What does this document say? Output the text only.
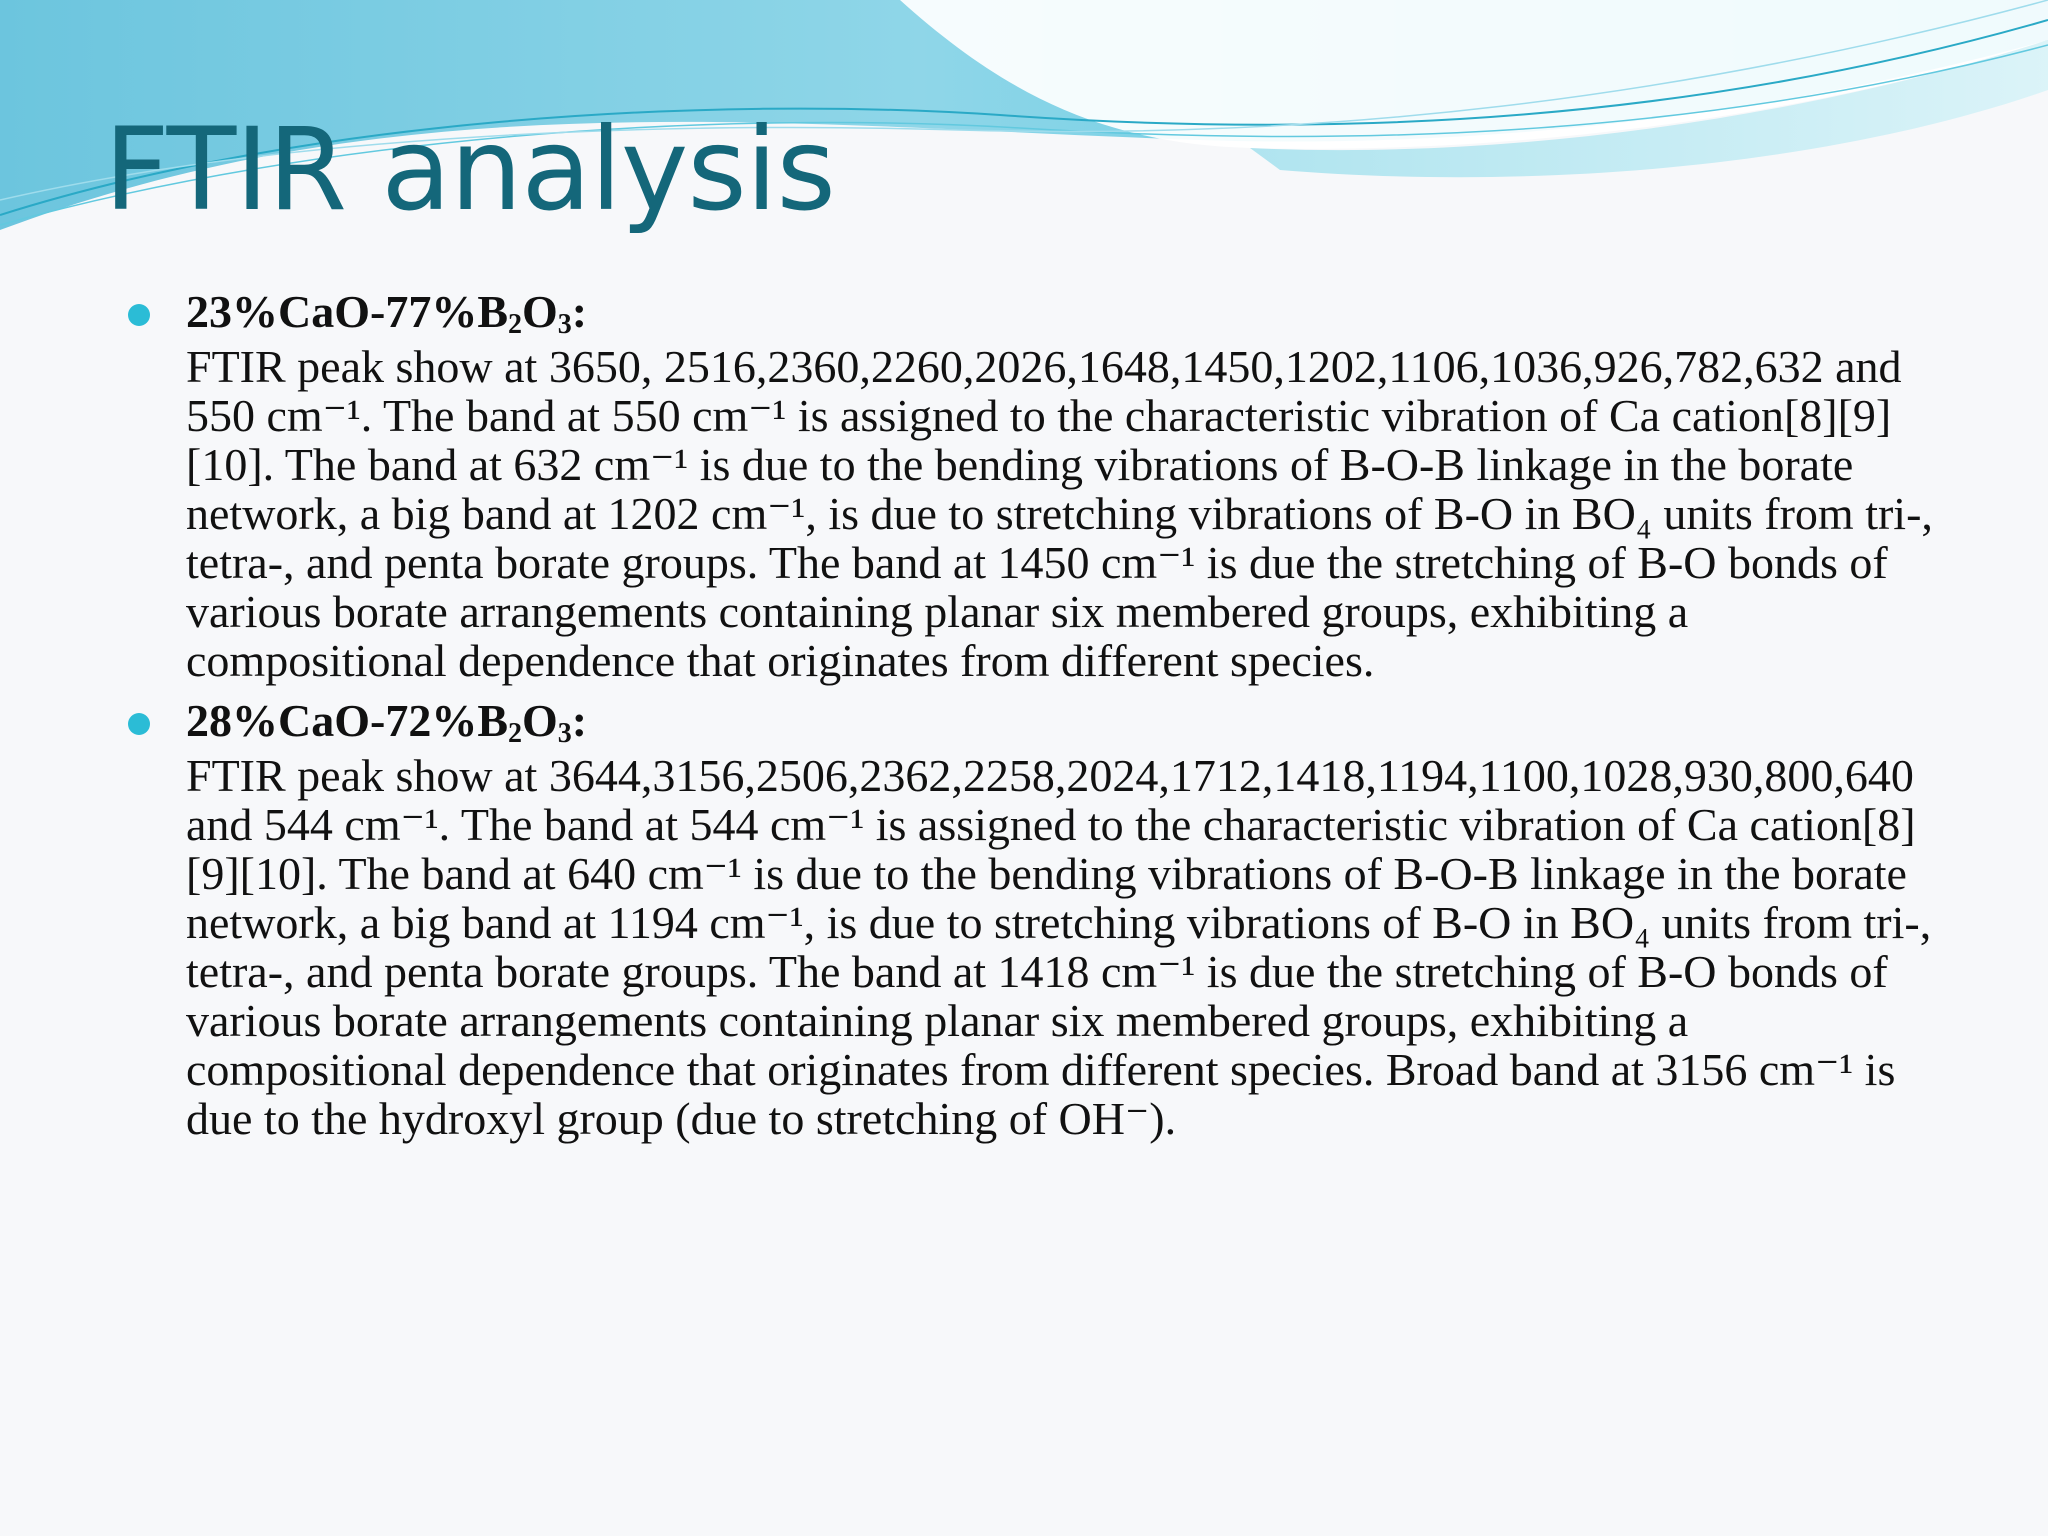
FTIR analysis
$23\%CaO-77\%B_2O_3$:

FTIR peak show at 3650, 2516,2360,2260,2026,1648,1450,1202,1106,1036,926,782,632 and 550 cm⁻¹. The band at 550 cm⁻¹ is assigned to the characteristic vibration of Ca cation[8][9][10]. The band at 632 cm⁻¹ is due to the bending vibrations of B-O-B linkage in the borate network, a big band at 1202 cm⁻¹, is due to stretching vibrations of B-O in BO₄ units from tri-, tetra-, and penta borate groups. The band at 1450 cm⁻¹ is due the stretching of B-O bonds of various borate arrangements containing planar six membered groups, exhibiting a compositional dependence that originates from different species.

$28\%CaO-72\%B_2O_3$:

FTIR peak show at 3644,3156,2506,2362,2258,2024,1712,1418,1194,1100,1028,930,800,640 and 544 cm⁻¹. The band at 544 cm⁻¹ is assigned to the characteristic vibration of Ca cation[8][9][10]. The band at 640 cm⁻¹ is due to the bending vibrations of B-O-B linkage in the borate network, a big band at 1194 cm⁻¹, is due to stretching vibrations of B-O in BO₄ units from tri-, tetra-, and penta borate groups. The band at 1418 cm⁻¹ is due the stretching of B-O bonds of various borate arrangements containing planar six membered groups, exhibiting a compositional dependence that originates from different species. Broad band at 3156 cm⁻¹ is due to the hydroxyl group (due to stretching of OH⁻).
